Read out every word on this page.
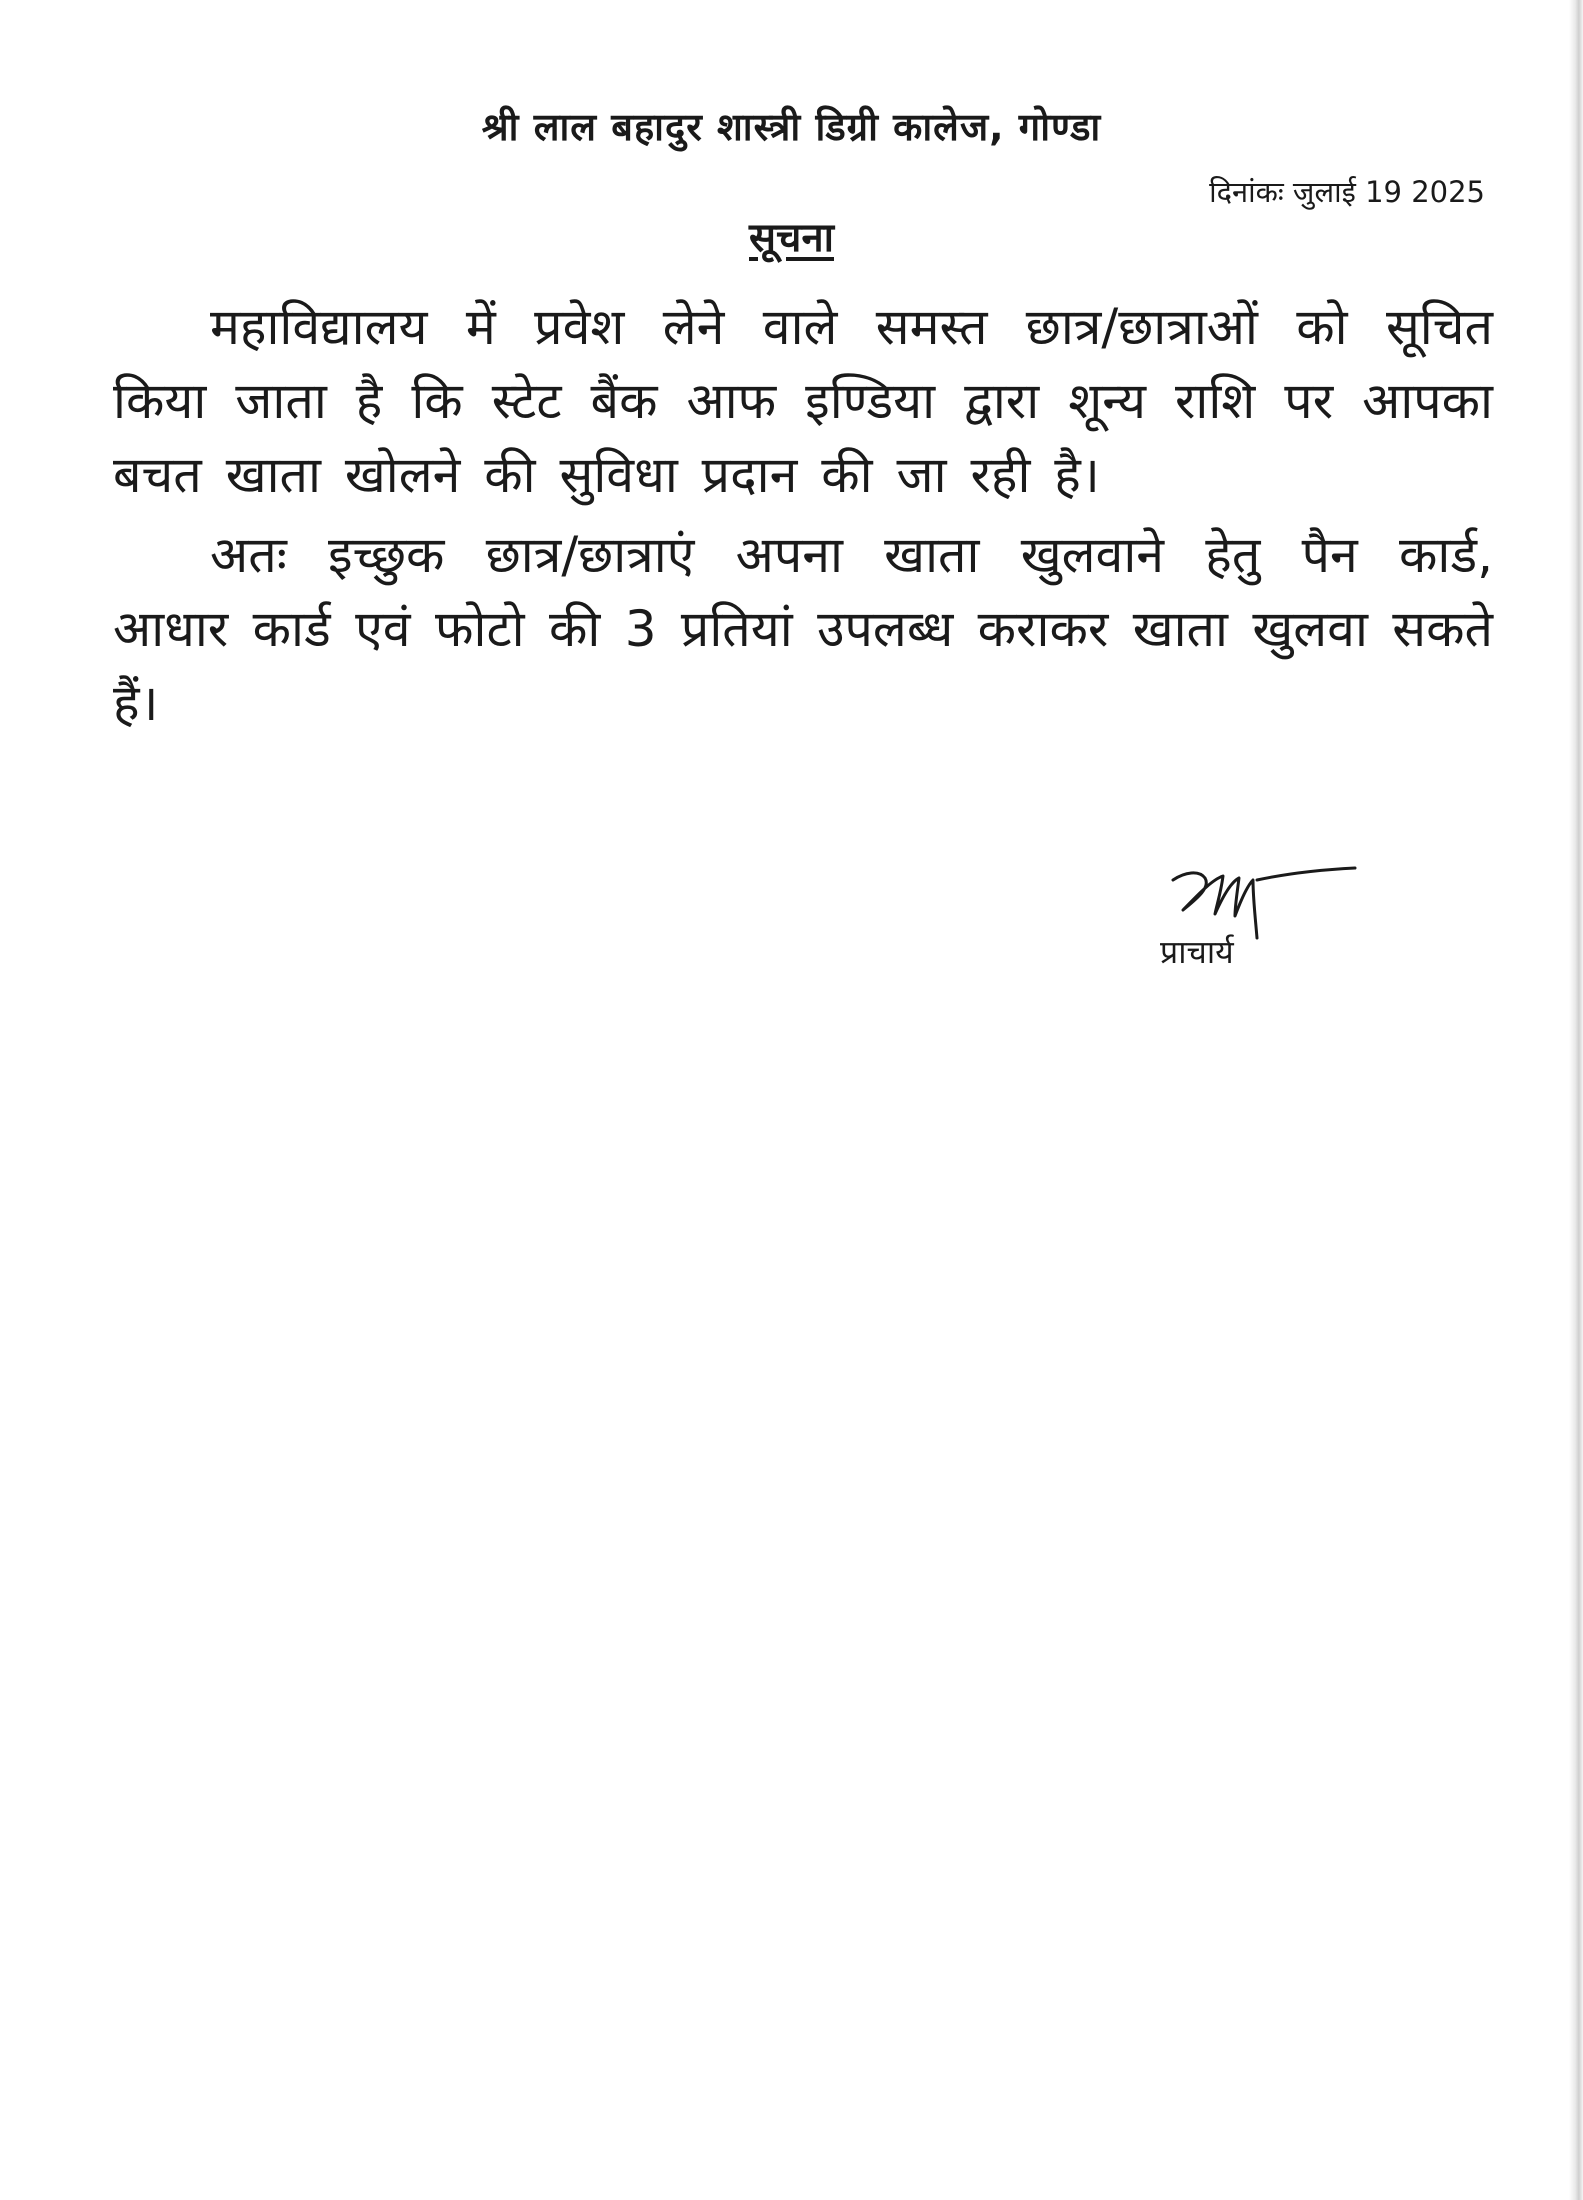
श्री लाल बहादुर शास्त्री डिग्री कालेज, गोण्डा

दिनांकः जुलाई 19 2025

सूचना

महाविद्यालय में प्रवेश लेने वाले समस्त छात्र/छात्राओं को सूचित किया जाता है कि स्टेट बैंक आफ इण्डिया द्वारा शून्य राशि पर आपका बचत खाता खोलने की सुविधा प्रदान की जा रही है।

अतः इच्छुक छात्र/छात्राएं अपना खाता खुलवाने हेतु पैन कार्ड, आधार कार्ड एवं फोटो की 3 प्रतियां उपलब्ध कराकर खाता खुलवा सकते हैं।

प्राचार्य
